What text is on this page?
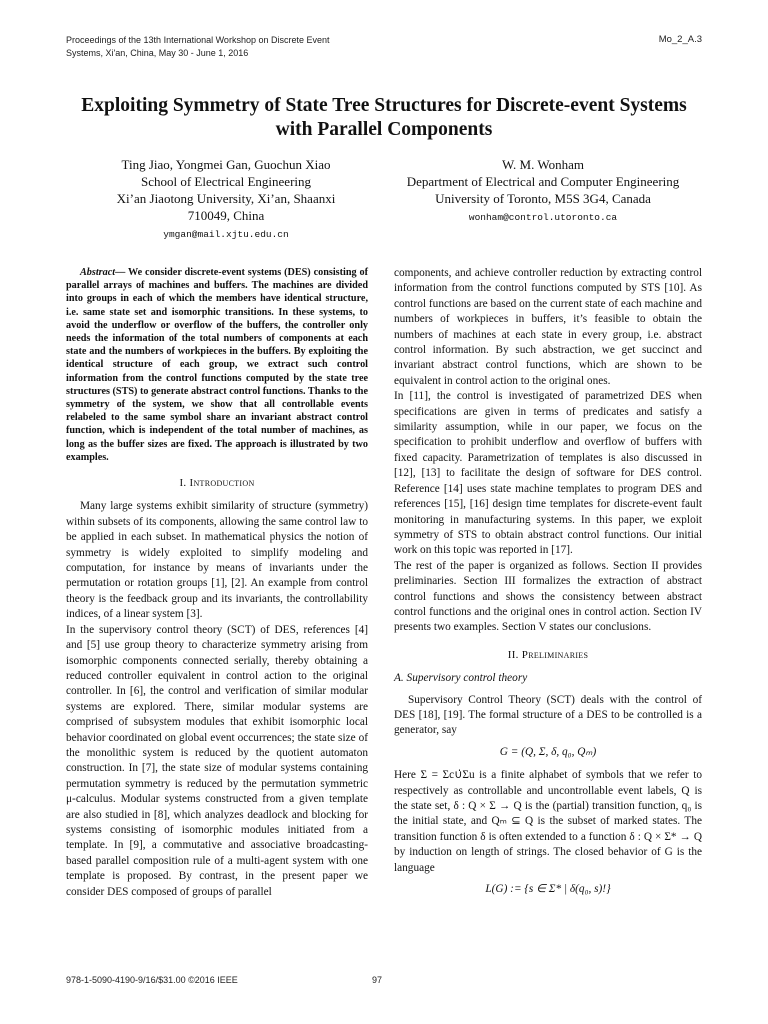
Proceedings of the 13th International Workshop on Discrete Event
Systems, Xi'an, China, May 30 - June 1, 2016
Mo_2_A.3
Exploiting Symmetry of State Tree Structures for Discrete-event Systems with Parallel Components
Ting Jiao, Yongmei Gan, Guochun Xiao
School of Electrical Engineering
Xi’an Jiaotong University, Xi’an, Shaanxi
710049, China
ymgan@mail.xjtu.edu.cn
W. M. Wonham
Department of Electrical and Computer Engineering
University of Toronto, M5S 3G4, Canada
wonham@control.utoronto.ca

Abstract— We consider discrete-event systems (DES) consisting of parallel arrays of machines and buffers. The machines are divided into groups in each of which the members have identical structure, i.e. same state set and isomorphic transitions. In these systems, to avoid the underflow or overflow of the buffers, the controller only needs the information of the total numbers of components at each state and the numbers of workpieces in the buffers. By exploiting the identical structure of each group, we extract such control information from the control functions computed by the state tree structures (STS) to generate abstract control functions. Thanks to the symmetry of the system, we show that all controllable events relabeled to the same symbol share an invariant abstract control function, which is independent of the total number of machines, as long as the buffer sizes are fixed. The approach is illustrated by two examples.

I. Introduction

Many large systems exhibit similarity of structure (symmetry) within subsets of its components, allowing the same control law to be applied in each subset. In mathematical physics the notion of symmetry is widely exploited to simplify modeling and computation, for instance by means of invariants under the permutation or rotation groups [1], [2]. An example from control theory is the feedback group and its invariants, the controllability indices, of a linear system [3].

In the supervisory control theory (SCT) of DES, references [4] and [5] use group theory to characterize symmetry arising from isomorphic components connected serially, thereby obtaining a reduced controller equivalent in control action to the original controller. In [6], the control and verification of similar modular systems are explored. There, similar modular systems are comprised of subsystem modules that exhibit isomorphic local behavior coordinated on global event occurrences; the state size of the monolithic system is reduced by the quotient automaton construction. In [7], the state size of modular systems containing permutation symmetry is reduced by the permutation symmetric μ-calculus. Modular systems constructed from a given template are also studied in [8], which analyzes deadlock and blocking for systems consisting of isomorphic modules initiated from a template. In [9], a commutative and associative broadcasting-based parallel composition rule of a multi-agent system with one template is proposed. By contrast, in the present paper we consider DES composed of groups of parallel

components, and achieve controller reduction by extracting control information from the control functions computed by STS [10]. As control functions are based on the current state of each machine and numbers of workpieces in buffers, it’s feasible to obtain the numbers of machines at each state in every group, i.e. abstract control information. By such abstraction, we get succinct and invariant abstract control functions, which are shown to be equivalent in control action to the original ones.

In [11], the control is investigated of parametrized DES when specifications are given in terms of predicates and satisfy a similarity assumption, while in our paper, we focus on the specification to prohibit underflow and overflow of buffers with fixed capacity. Parametrization of templates is also discussed in [12], [13] to facilitate the design of software for DES control. Reference [14] uses state machine templates to program DES and references [15], [16] design time templates for discrete-event fault monitoring in manufacturing systems. In this paper, we exploit symmetry of STS to obtain abstract control functions. Our initial work on this topic was reported in [17].

The rest of the paper is organized as follows. Section II provides preliminaries. Section III formalizes the extraction of abstract control functions and shows the consistency between abstract control functions and the original ones in control action. Section IV presents two examples. Section V states our conclusions.

II. Preliminaries
A. Supervisory control theory

Supervisory Control Theory (SCT) deals with the control of DES [18], [19]. The formal structure of a DES to be controlled is a generator, say

G = (Q, Σ, δ, q₀, Qₘ)

Here Σ = Σc∪̇Σu is a finite alphabet of symbols that we refer to respectively as controllable and uncontrollable event labels, Q is the state set, δ : Q × Σ → Q is the (partial) transition function, q₀ is the initial state, and Qₘ ⊆ Q is the subset of marked states. The transition function δ is often extended to a function δ : Q × Σ* → Q by induction on length of strings. The closed behavior of G is the language

L(G) := {s ∈ Σ* | δ(q₀, s)!}
978-1-5090-4190-9/16/$31.00 ©2016 IEEE	97
